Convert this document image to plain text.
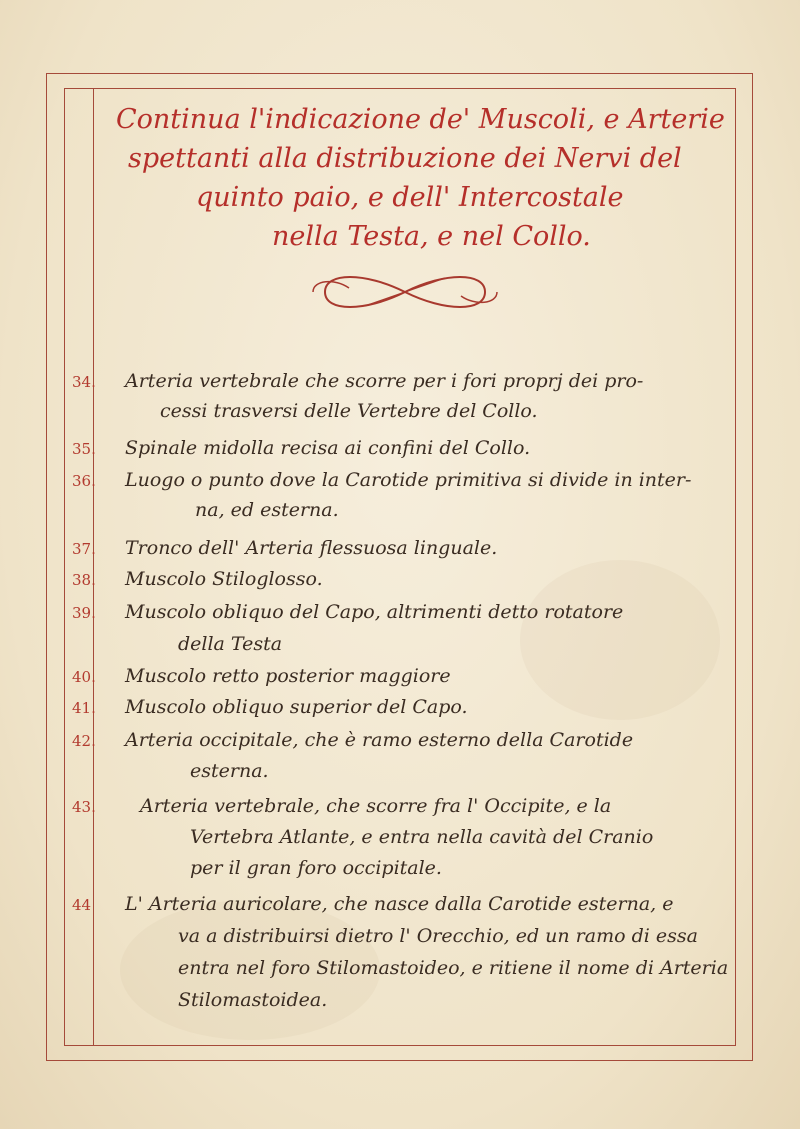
Continua l'indicazione de' Muscoli, e Arterie
spettanti alla distribuzione dei Nervi del
quinto paio, e dell' Intercostale
nella Testa, e nel Collo.
34. Arteria vertebrale che scorre per i fori proprj dei pro-
cessi trasversi delle Vertebre del Collo.
35. Spinale midolla recisa ai confini del Collo.
36. Luogo o punto dove la Carotide primitiva si divide in inter-
na, ed esterna.
37. Tronco dell' Arteria flessuosa linguale.
38. Muscolo Stiloglosso.
39. Muscolo obliquo del Capo, altrimenti detto rotatore
della Testa
40. Muscolo retto posterior maggiore
41. Muscolo obliquo superior del Capo.
42. Arteria occipitale, che è ramo esterno della Carotide
esterna.
43. Arteria vertebrale, che scorre fra l' Occipite, e la
Vertebra Atlante, e entra nella cavità del Cranio
per il gran foro occipitale.
44	L' Arteria auricolare, che nasce dalla Carotide esterna, e
va a distribuirsi dietro l' Orecchio, ed un ramo di essa
entra nel foro Stilomastoideo, e ritiene il nome di Arteria
Stilomastoidea.
